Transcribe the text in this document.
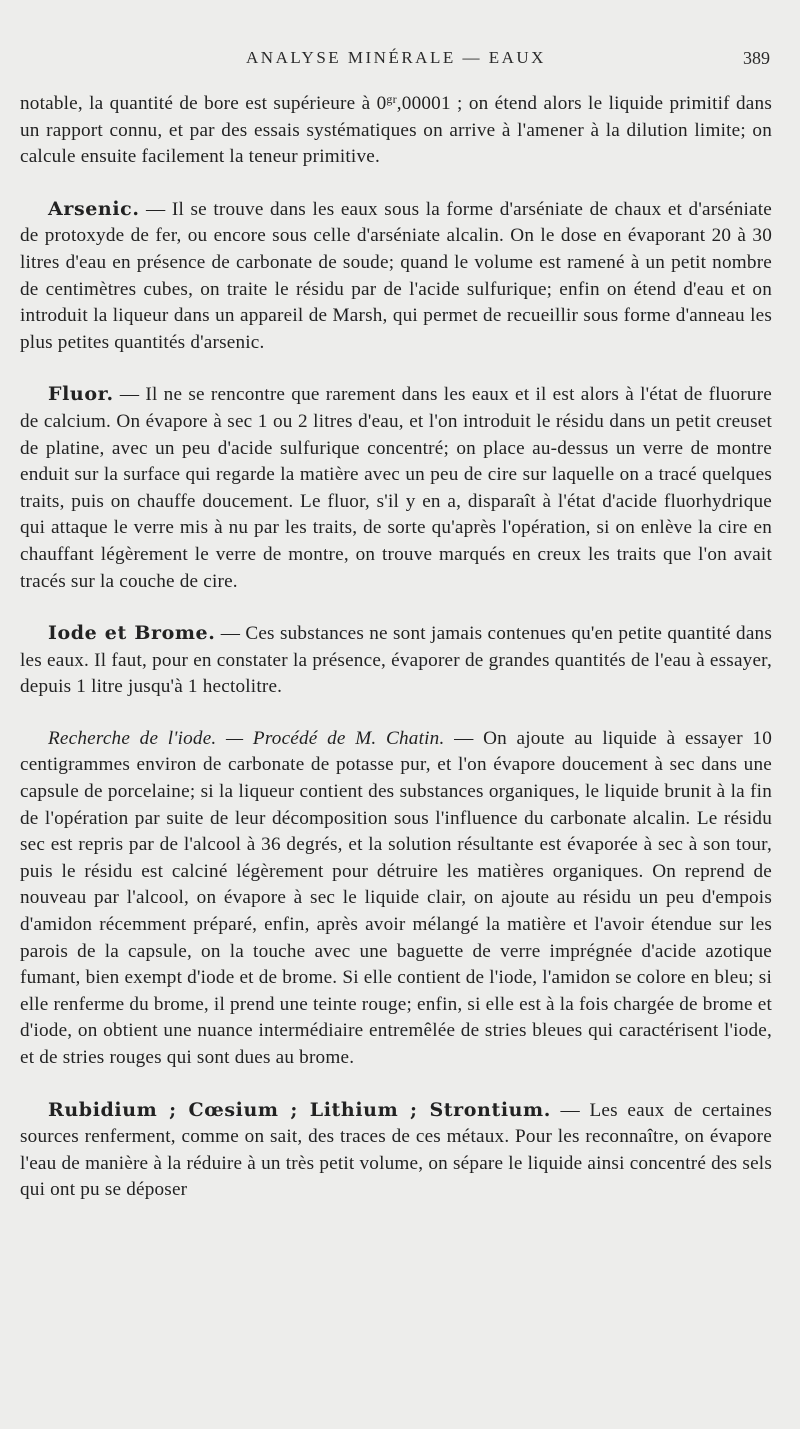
ANALYSE MINÉRALE — EAUX	389

notable, la quantité de bore est supérieure à $0^{gr},00001$ ; on étend alors le liquide primitif dans un rapport connu, et par des essais systématiques on arrive à l'amener à la dilution limite; on calcule ensuite facilement la teneur primitive.

Arsenic. — Il se trouve dans les eaux sous la forme d'arséniate de chaux et d'arséniate de protoxyde de fer, ou encore sous celle d'arséniate alcalin. On le dose en évaporant 20 à 30 litres d'eau en présence de carbonate de soude; quand le volume est ramené à un petit nombre de centimètres cubes, on traite le résidu par de l'acide sulfurique; enfin on étend d'eau et on introduit la liqueur dans un appareil de Marsh, qui permet de recueillir sous forme d'anneau les plus petites quantités d'arsenic.

Fluor. — Il ne se rencontre que rarement dans les eaux et il est alors à l'état de fluorure de calcium. On évapore à sec 1 ou 2 litres d'eau, et l'on introduit le résidu dans un petit creuset de platine, avec un peu d'acide sulfurique concentré; on place au-dessus un verre de montre enduit sur la surface qui regarde la matière avec un peu de cire sur laquelle on a tracé quelques traits, puis on chauffe doucement. Le fluor, s'il y en a, disparaît à l'état d'acide fluorhydrique qui attaque le verre mis à nu par les traits, de sorte qu'après l'opération, si on enlève la cire en chauffant légèrement le verre de montre, on trouve marqués en creux les traits que l'on avait tracés sur la couche de cire.

Iode et Brome. — Ces substances ne sont jamais contenues qu'en petite quantité dans les eaux. Il faut, pour en constater la présence, évaporer de grandes quantités de l'eau à essayer, depuis 1 litre jusqu'à 1 hectolitre.

Recherche de l'iode. — Procédé de M. Chatin. — On ajoute au liquide à essayer 10 centigrammes environ de carbonate de potasse pur, et l'on évapore doucement à sec dans une capsule de porcelaine; si la liqueur contient des substances organiques, le liquide brunit à la fin de l'opération par suite de leur décomposition sous l'influence du carbonate alcalin. Le résidu sec est repris par de l'alcool à 36 degrés, et la solution résultante est évaporée à sec à son tour, puis le résidu est calciné légèrement pour détruire les matières organiques. On reprend de nouveau par l'alcool, on évapore à sec le liquide clair, on ajoute au résidu un peu d'empois d'amidon récemment préparé, enfin, après avoir mélangé la matière et l'avoir étendue sur les parois de la capsule, on la touche avec une baguette de verre imprégnée d'acide azotique fumant, bien exempt d'iode et de brome. Si elle contient de l'iode, l'amidon se colore en bleu; si elle renferme du brome, il prend une teinte rouge; enfin, si elle est à la fois chargée de brome et d'iode, on obtient une nuance intermédiaire entremêlée de stries bleues qui caractérisent l'iode, et de stries rouges qui sont dues au brome.

Rubidium ; Cœsium ; Lithium ; Strontium. — Les eaux de certaines sources renferment, comme on sait, des traces de ces métaux. Pour les reconnaître, on évapore l'eau de manière à la réduire à un très petit volume, on sépare le liquide ainsi concentré des sels qui ont pu se déposer
